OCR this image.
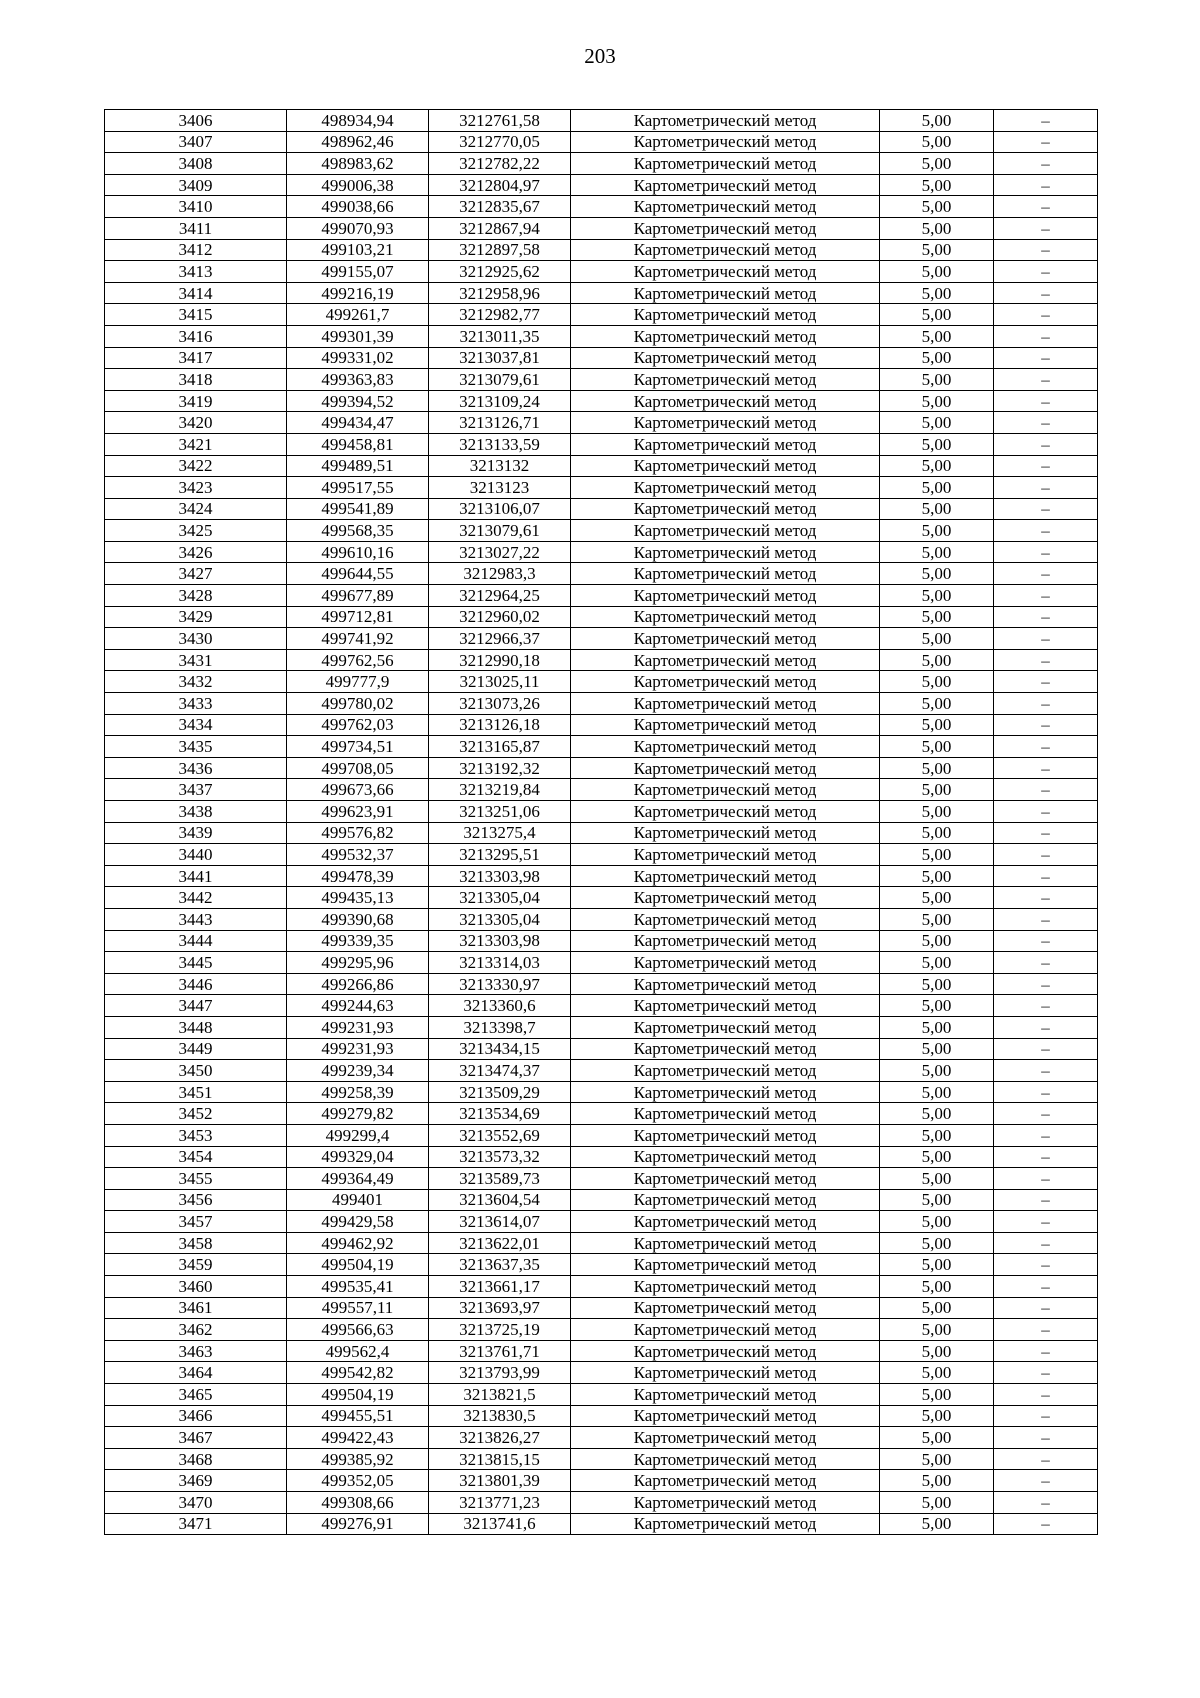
203
3406	498934,94	3212761,58	Картометрический метод	5,00	–
3407	498962,46	3212770,05	Картометрический метод	5,00	–
3408	498983,62	3212782,22	Картометрический метод	5,00	–
3409	499006,38	3212804,97	Картометрический метод	5,00	–
3410	499038,66	3212835,67	Картометрический метод	5,00	–
3411	499070,93	3212867,94	Картометрический метод	5,00	–
3412	499103,21	3212897,58	Картометрический метод	5,00	–
3413	499155,07	3212925,62	Картометрический метод	5,00	–
3414	499216,19	3212958,96	Картометрический метод	5,00	–
3415	499261,7	3212982,77	Картометрический метод	5,00	–
3416	499301,39	3213011,35	Картометрический метод	5,00	–
3417	499331,02	3213037,81	Картометрический метод	5,00	–
3418	499363,83	3213079,61	Картометрический метод	5,00	–
3419	499394,52	3213109,24	Картометрический метод	5,00	–
3420	499434,47	3213126,71	Картометрический метод	5,00	–
3421	499458,81	3213133,59	Картометрический метод	5,00	–
3422	499489,51	3213132	Картометрический метод	5,00	–
3423	499517,55	3213123	Картометрический метод	5,00	–
3424	499541,89	3213106,07	Картометрический метод	5,00	–
3425	499568,35	3213079,61	Картометрический метод	5,00	–
3426	499610,16	3213027,22	Картометрический метод	5,00	–
3427	499644,55	3212983,3	Картометрический метод	5,00	–
3428	499677,89	3212964,25	Картометрический метод	5,00	–
3429	499712,81	3212960,02	Картометрический метод	5,00	–
3430	499741,92	3212966,37	Картометрический метод	5,00	–
3431	499762,56	3212990,18	Картометрический метод	5,00	–
3432	499777,9	3213025,11	Картометрический метод	5,00	–
3433	499780,02	3213073,26	Картометрический метод	5,00	–
3434	499762,03	3213126,18	Картометрический метод	5,00	–
3435	499734,51	3213165,87	Картометрический метод	5,00	–
3436	499708,05	3213192,32	Картометрический метод	5,00	–
3437	499673,66	3213219,84	Картометрический метод	5,00	–
3438	499623,91	3213251,06	Картометрический метод	5,00	–
3439	499576,82	3213275,4	Картометрический метод	5,00	–
3440	499532,37	3213295,51	Картометрический метод	5,00	–
3441	499478,39	3213303,98	Картометрический метод	5,00	–
3442	499435,13	3213305,04	Картометрический метод	5,00	–
3443	499390,68	3213305,04	Картометрический метод	5,00	–
3444	499339,35	3213303,98	Картометрический метод	5,00	–
3445	499295,96	3213314,03	Картометрический метод	5,00	–
3446	499266,86	3213330,97	Картометрический метод	5,00	–
3447	499244,63	3213360,6	Картометрический метод	5,00	–
3448	499231,93	3213398,7	Картометрический метод	5,00	–
3449	499231,93	3213434,15	Картометрический метод	5,00	–
3450	499239,34	3213474,37	Картометрический метод	5,00	–
3451	499258,39	3213509,29	Картометрический метод	5,00	–
3452	499279,82	3213534,69	Картометрический метод	5,00	–
3453	499299,4	3213552,69	Картометрический метод	5,00	–
3454	499329,04	3213573,32	Картометрический метод	5,00	–
3455	499364,49	3213589,73	Картометрический метод	5,00	–
3456	499401	3213604,54	Картометрический метод	5,00	–
3457	499429,58	3213614,07	Картометрический метод	5,00	–
3458	499462,92	3213622,01	Картометрический метод	5,00	–
3459	499504,19	3213637,35	Картометрический метод	5,00	–
3460	499535,41	3213661,17	Картометрический метод	5,00	–
3461	499557,11	3213693,97	Картометрический метод	5,00	–
3462	499566,63	3213725,19	Картометрический метод	5,00	–
3463	499562,4	3213761,71	Картометрический метод	5,00	–
3464	499542,82	3213793,99	Картометрический метод	5,00	–
3465	499504,19	3213821,5	Картометрический метод	5,00	–
3466	499455,51	3213830,5	Картометрический метод	5,00	–
3467	499422,43	3213826,27	Картометрический метод	5,00	–
3468	499385,92	3213815,15	Картометрический метод	5,00	–
3469	499352,05	3213801,39	Картометрический метод	5,00	–
3470	499308,66	3213771,23	Картометрический метод	5,00	–
3471	499276,91	3213741,6	Картометрический метод	5,00	–
